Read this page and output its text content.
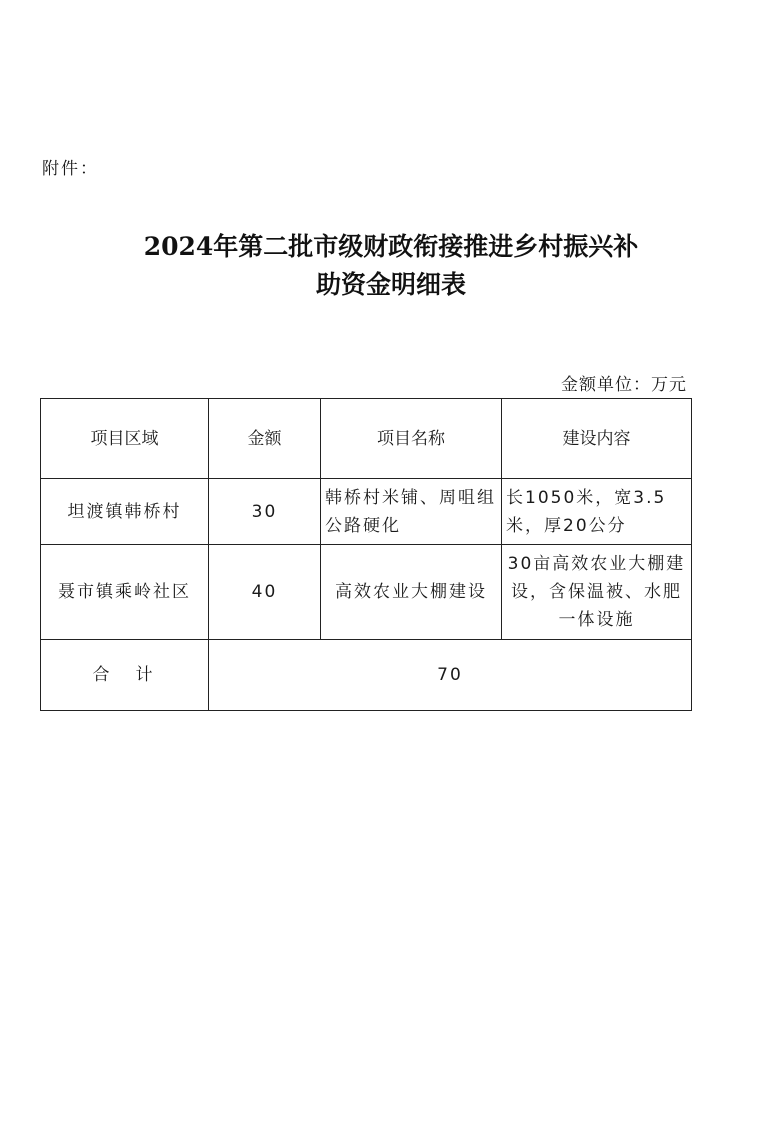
附件：
2024年第二批市级财政衔接推进乡村振兴补
助资金明细表
金额单位：万元
项目区域	金额	项目名称	建设内容
坦渡镇韩桥村	30	韩桥村米铺、周咀组公路硬化	长1050米，宽3.5米，厚20公分
聂市镇乘岭社区	40	高效农业大棚建设	30亩高效农业大棚建设，含保温被、水肥一体设施
合计	70		
